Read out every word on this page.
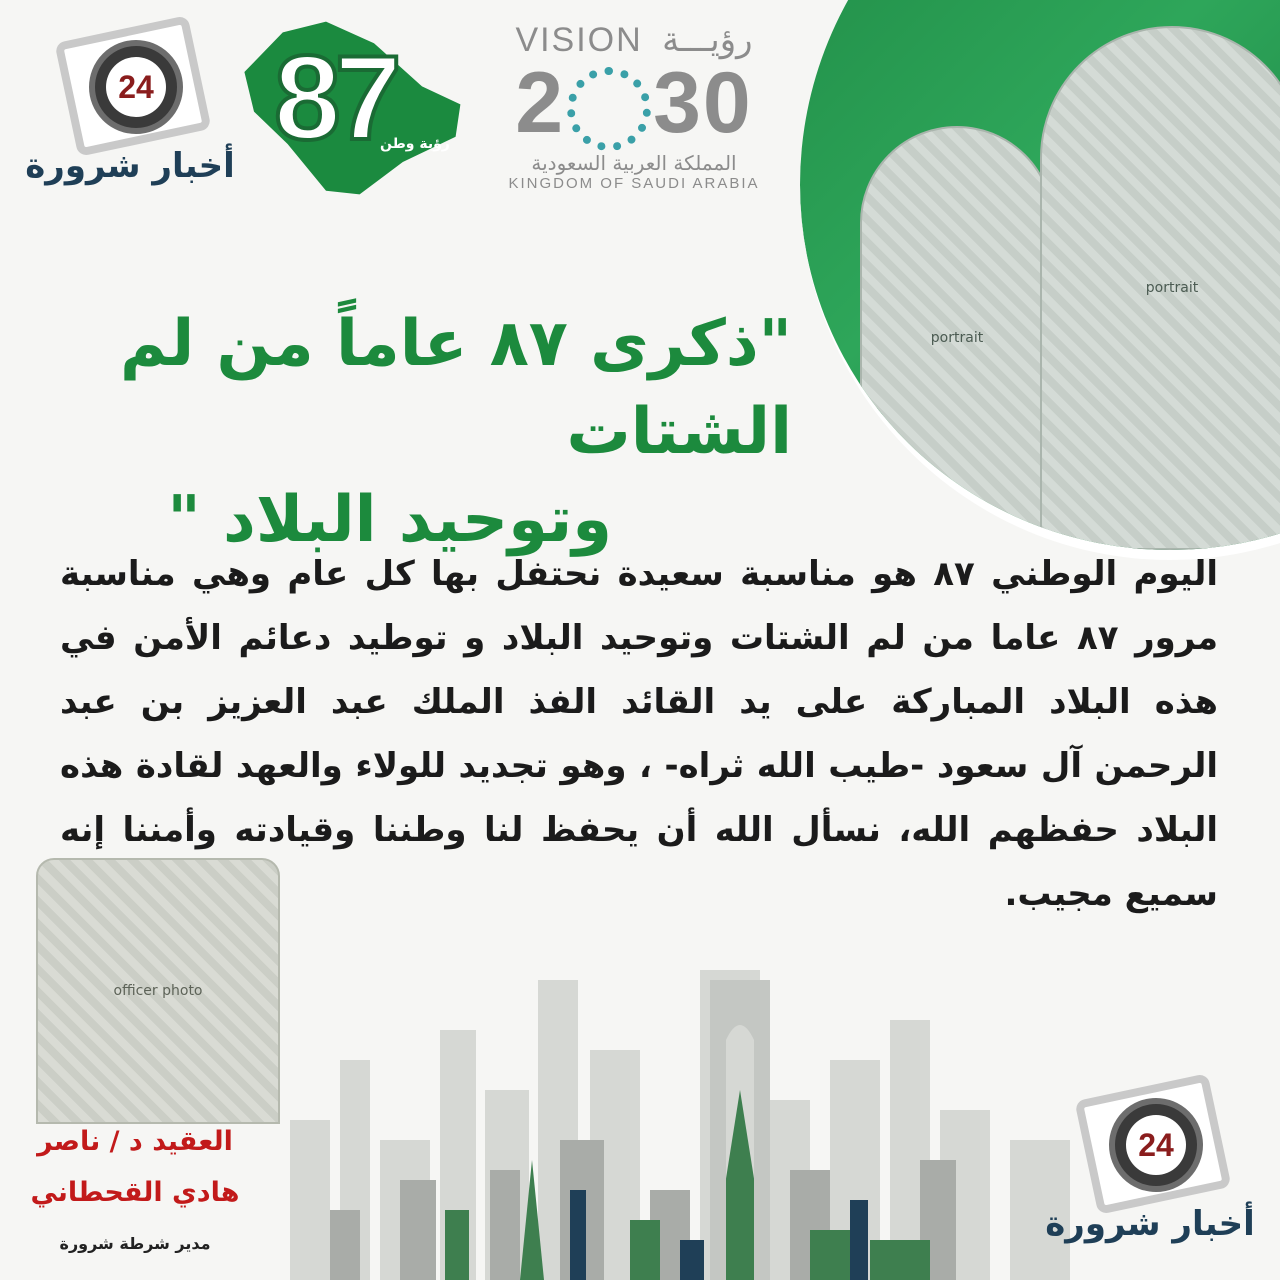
24
أخبار شرورة
87
رؤية وطن
VISION رؤيـــة
2 30
المملكة العربية السعودية
KINGDOM OF SAUDI ARABIA
portrait
portrait
"ذكرى ٨٧ عاماً من لم الشتات
وتوحيد البلاد "
اليوم الوطني ٨٧ هو مناسبة سعيدة نحتفل بها كل عام وهي مناسبة مرور ٨٧ عاما من لم الشتات وتوحيد البلاد و توطيد دعائم الأمن في هذه البلاد المباركة على يد القائد الفذ الملك عبد العزيز بن عبد الرحمن آل سعود -طيب الله ثراه- ، وهو تجديد للولاء والعهد لقادة هذه البلاد حفظهم الله، نسأل الله أن يحفظ لنا وطننا وقيادته وأمننا إنه سميع مجيب.
officer photo
العقيد د / ناصر
هادي القحطاني
مدير شرطة شرورة
24
أخبار شرورة
